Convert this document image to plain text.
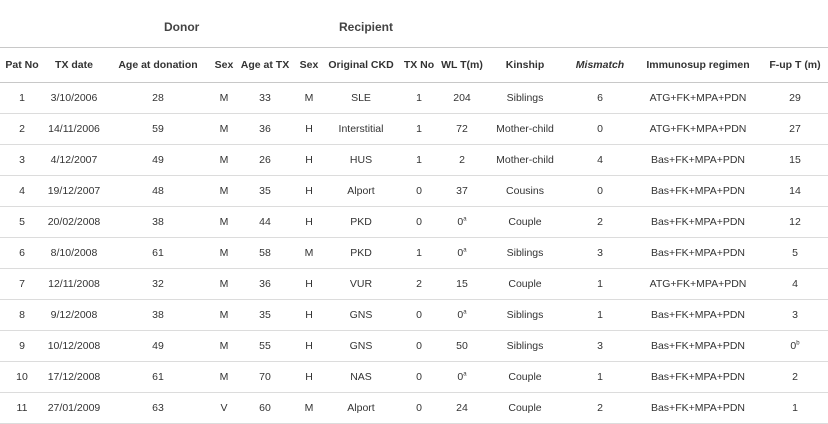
Donor	Recipient
Pat No	TX date	Age at donation	Sex	Age at TX	Sex	Original CKD	TX No	WL T(m)	Kinship	Mismatch	Immunosup regimen	F-up T (m)
1	3/10/2006	28	M	33	M	SLE	1	204	Siblings	6	ATG+FK+MPA+PDN	29
2	14/11/2006	59	M	36	H	Interstitial	1	72	Mother-child	0	ATG+FK+MPA+PDN	27
3	4/12/2007	49	M	26	H	HUS	1	2	Mother-child	4	Bas+FK+MPA+PDN	15
4	19/12/2007	48	M	35	H	Alport	0	37	Cousins	0	Bas+FK+MPA+PDN	14
5	20/02/2008	38	M	44	H	PKD	0	0$^a$	Couple	2	Bas+FK+MPA+PDN	12
6	8/10/2008	61	M	58	M	PKD	1	0$^a$	Siblings	3	Bas+FK+MPA+PDN	5
7	12/11/2008	32	M	36	H	VUR	2	15	Couple	1	ATG+FK+MPA+PDN	4
8	9/12/2008	38	M	35	H	GNS	0	0$^a$	Siblings	1	Bas+FK+MPA+PDN	3
9	10/12/2008	49	M	55	H	GNS	0	50	Siblings	3	Bas+FK+MPA+PDN	0$^b$
10	17/12/2008	61	M	70	H	NAS	0	0$^a$	Couple	1	Bas+FK+MPA+PDN	2
11	27/01/2009	63	V	60	M	Alport	0	24	Couple	2	Bas+FK+MPA+PDN	1
